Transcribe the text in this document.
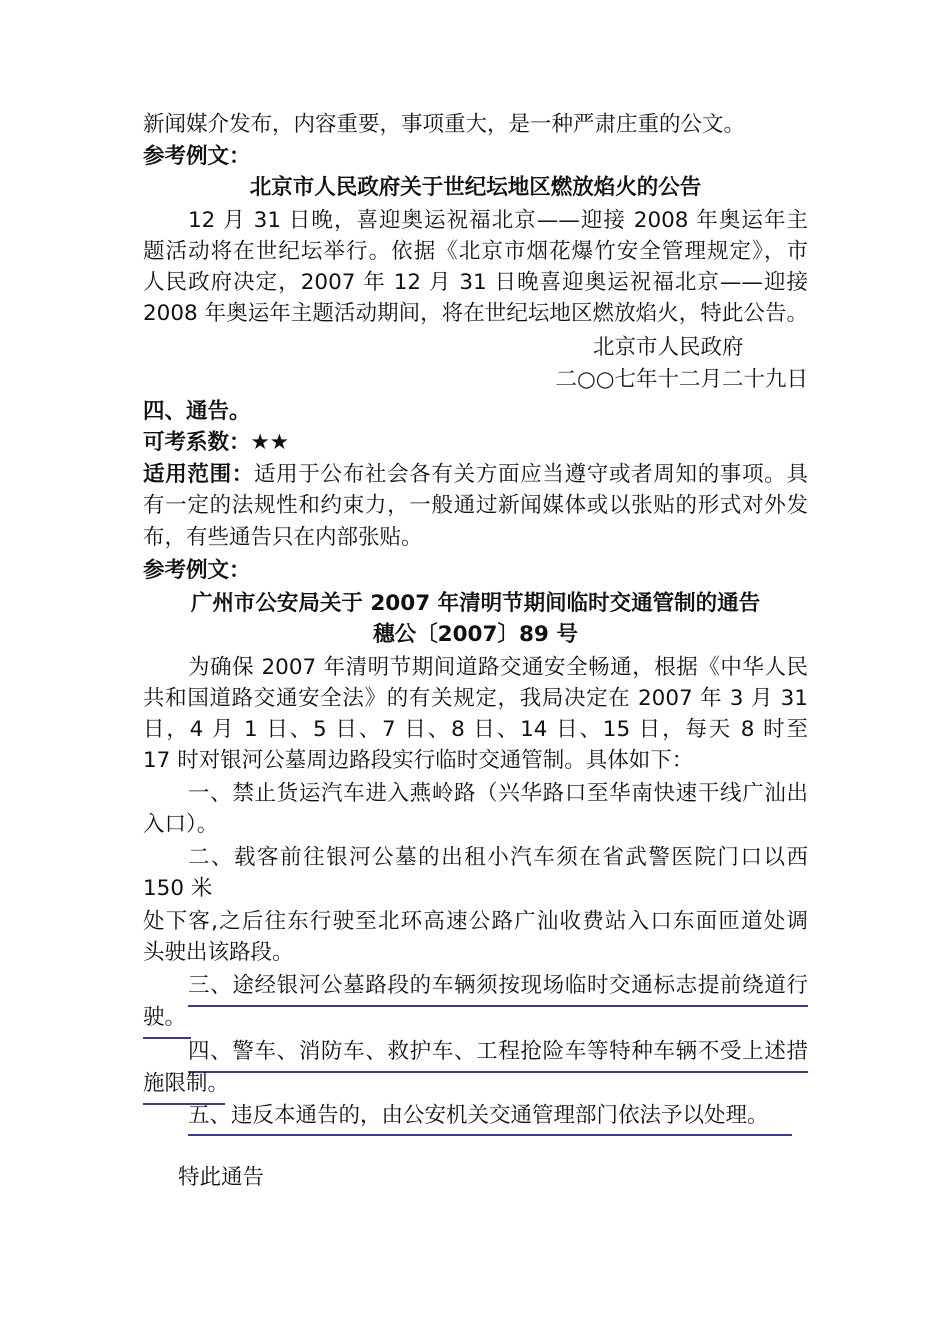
新闻媒介发布，内容重要，事项重大，是一种严肃庄重的公文。
参考例文：
北京市人民政府关于世纪坛地区燃放焰火的公告
12 月 31 日晚，喜迎奥运祝福北京——迎接 2008 年奥运年主
题活动将在世纪坛举行。依据《北京市烟花爆竹安全管理规定》，市
人民政府决定，2007 年 12 月 31 日晚喜迎奥运祝福北京——迎接
2008 年奥运年主题活动期间，将在世纪坛地区燃放焰火，特此公告。
北京市人民政府
二○○七年十二月二十九日
四、通告。
可考系数：★★
适用范围：适用于公布社会各有关方面应当遵守或者周知的事项。具
有一定的法规性和约束力，一般通过新闻媒体或以张贴的形式对外发
布，有些通告只在内部张贴。
参考例文：
广州市公安局关于 2007 年清明节期间临时交通管制的通告
穗公〔2007〕89 号
为确保 2007 年清明节期间道路交通安全畅通，根据《中华人民
共和国道路交通安全法》的有关规定，我局决定在 2007 年 3 月 31
日，4 月 1 日、5 日、7 日、8 日、14 日、15 日，每天 8 时至
17 时对银河公墓周边路段实行临时交通管制。具体如下：
一、禁止货运汽车进入燕岭路（兴华路口至华南快速干线广汕出
入口）。
二、载客前往银河公墓的出租小汽车须在省武警医院门口以西
150 米
处下客,之后往东行驶至北环高速公路广汕收费站入口东面匝道处调
头驶出该路段。
三、途经银河公墓路段的车辆须按现场临时交通标志提前绕道行
驶。
四、警车、消防车、救护车、工程抢险车等特种车辆不受上述措
施限制。
五、违反本通告的，由公安机关交通管理部门依法予以处理。
特此通告
